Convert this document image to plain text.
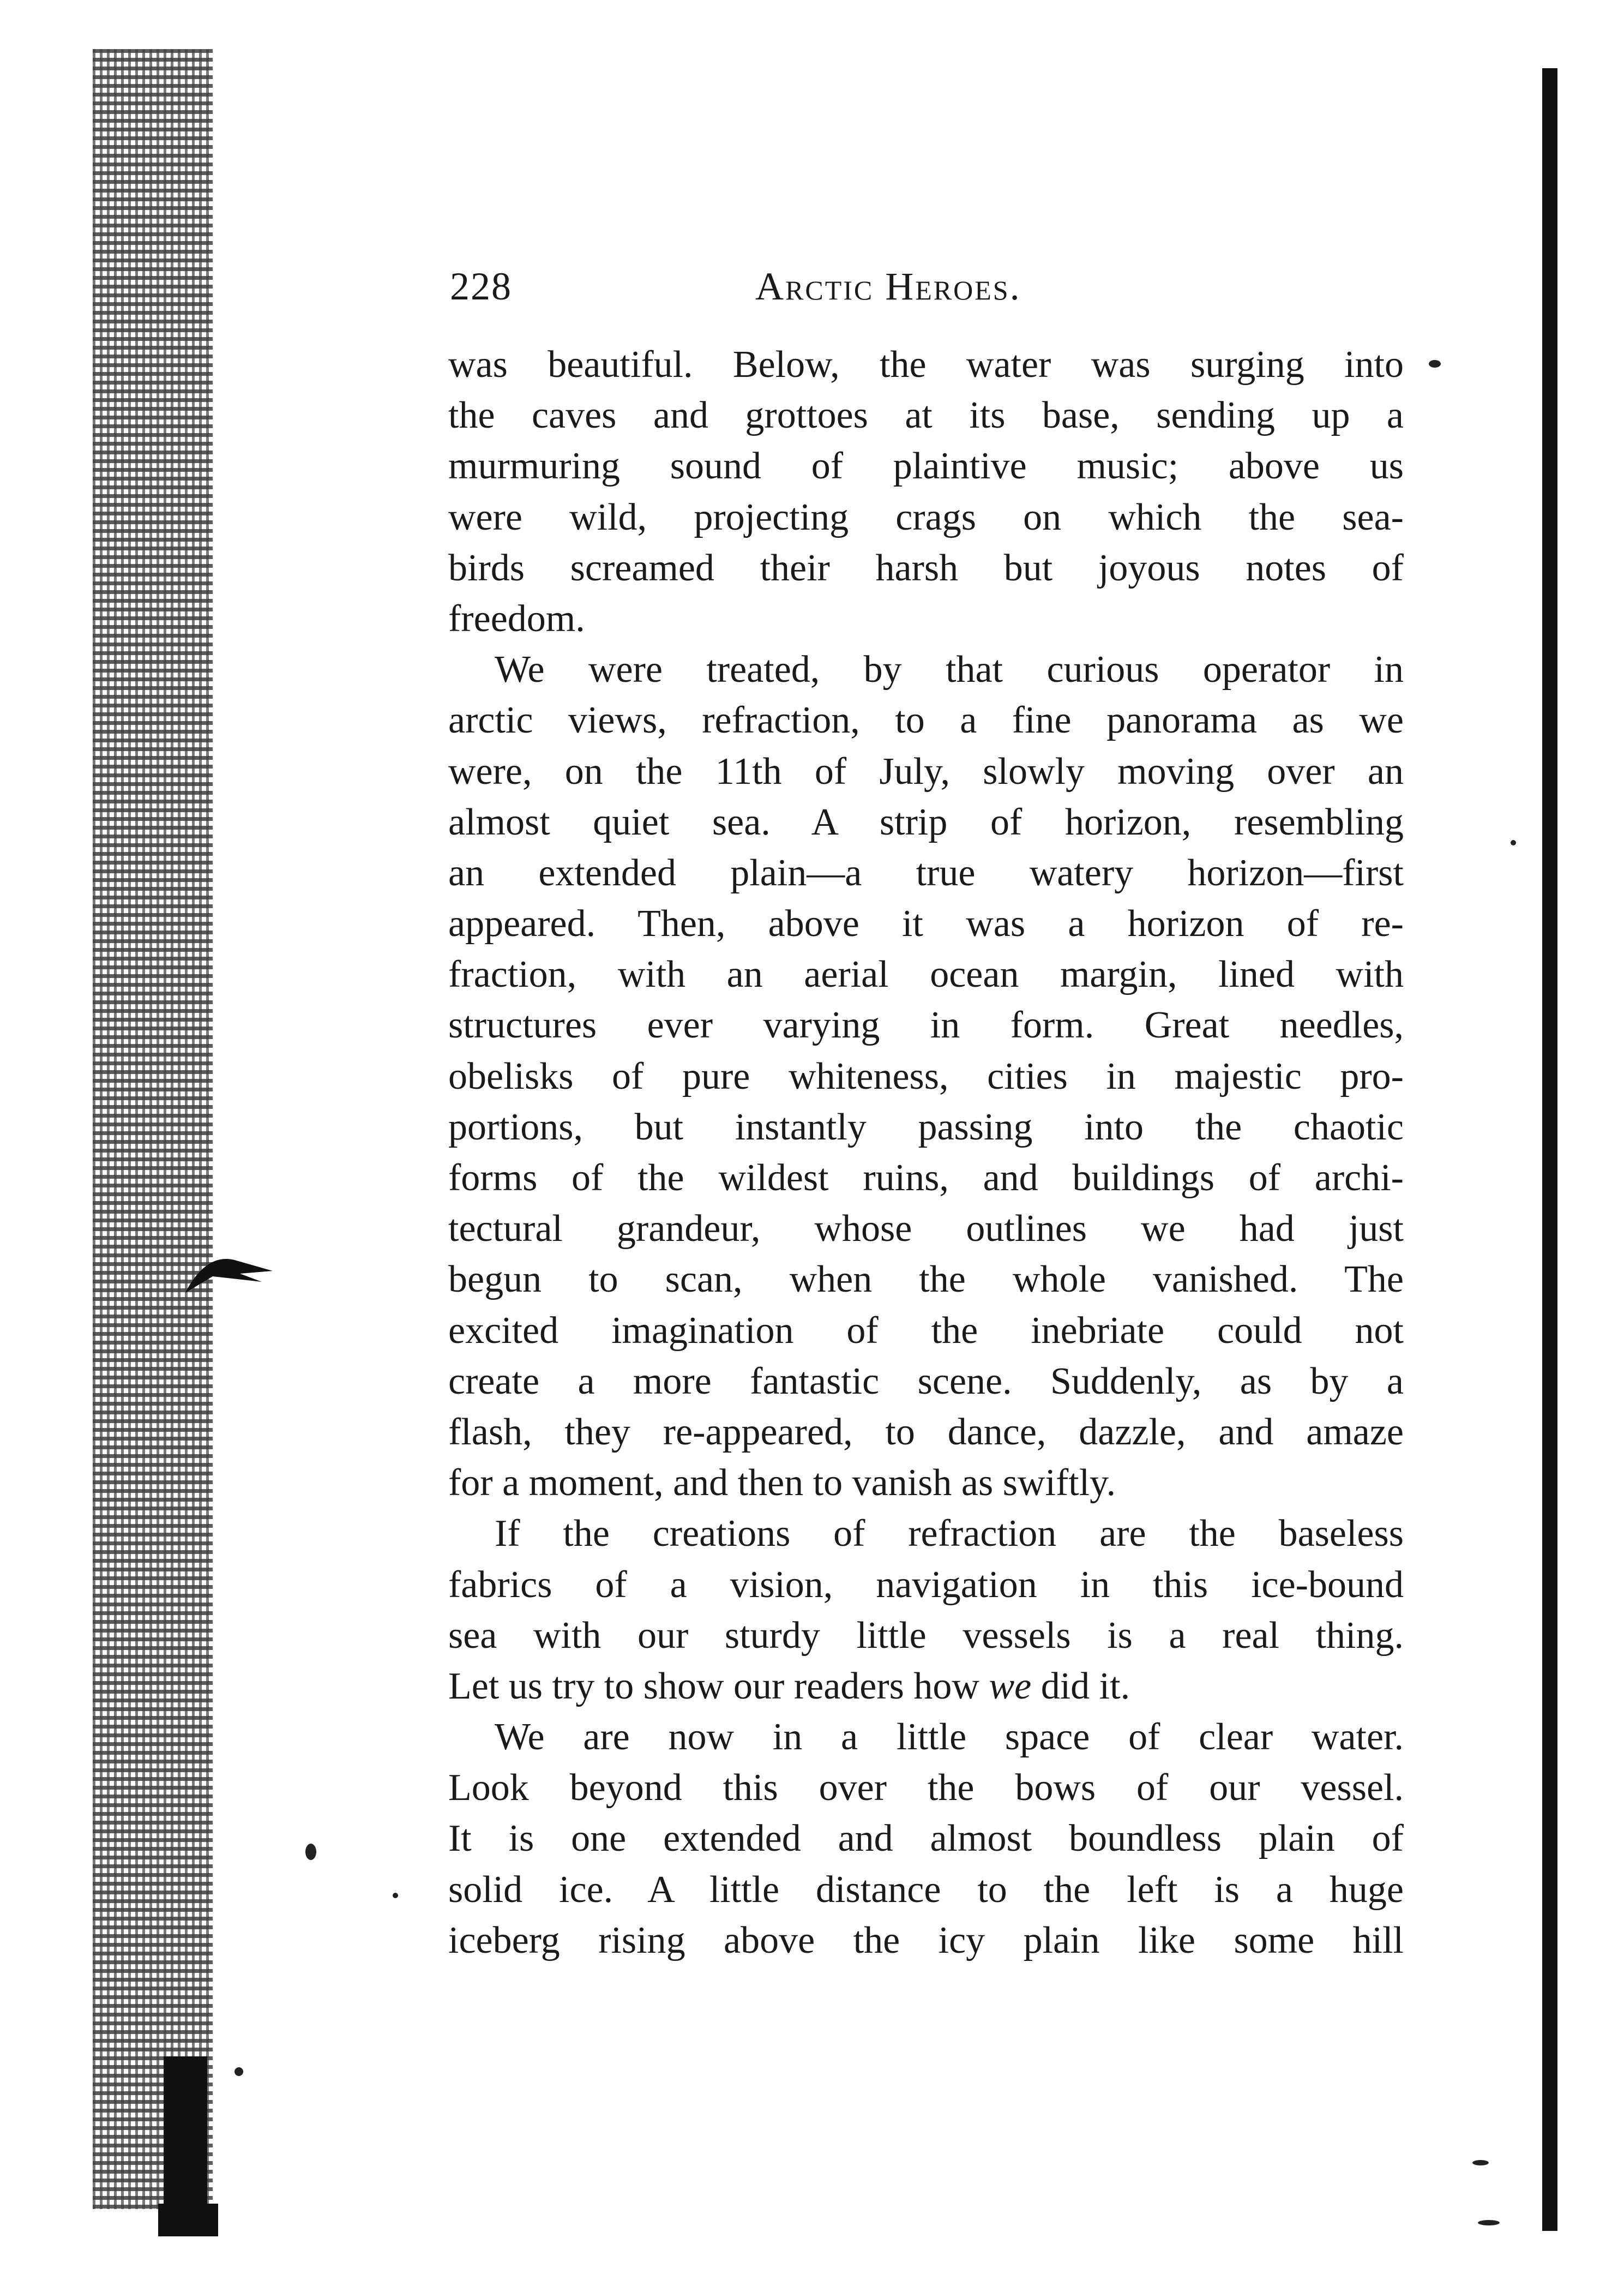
228	Arctic Heroes.
was beautiful. Below, the water was surging into
the caves and grottoes at its base, sending up a
murmuring sound of plaintive music; above us
were wild, projecting crags on which the sea-
birds screamed their harsh but joyous notes of
freedom.
We were treated, by that curious operator in
arctic views, refraction, to a fine panorama as we
were, on the 11th of July, slowly moving over an
almost quiet sea. A strip of horizon, resembling
an extended plain—a true watery horizon—first
appeared. Then, above it was a horizon of re-
fraction, with an aerial ocean margin, lined with
structures ever varying in form. Great needles,
obelisks of pure whiteness, cities in majestic pro-
portions, but instantly passing into the chaotic
forms of the wildest ruins, and buildings of archi-
tectural grandeur, whose outlines we had just
begun to scan, when the whole vanished. The
excited imagination of the inebriate could not
create a more fantastic scene. Suddenly, as by a
flash, they re-appeared, to dance, dazzle, and amaze
for a moment, and then to vanish as swiftly.
If the creations of refraction are the baseless
fabrics of a vision, navigation in this ice-bound
sea with our sturdy little vessels is a real thing.
Let us try to show our readers how we did it.
We are now in a little space of clear water.
Look beyond this over the bows of our vessel.
It is one extended and almost boundless plain of
solid ice. A little distance to the left is a huge
iceberg rising above the icy plain like some hill
